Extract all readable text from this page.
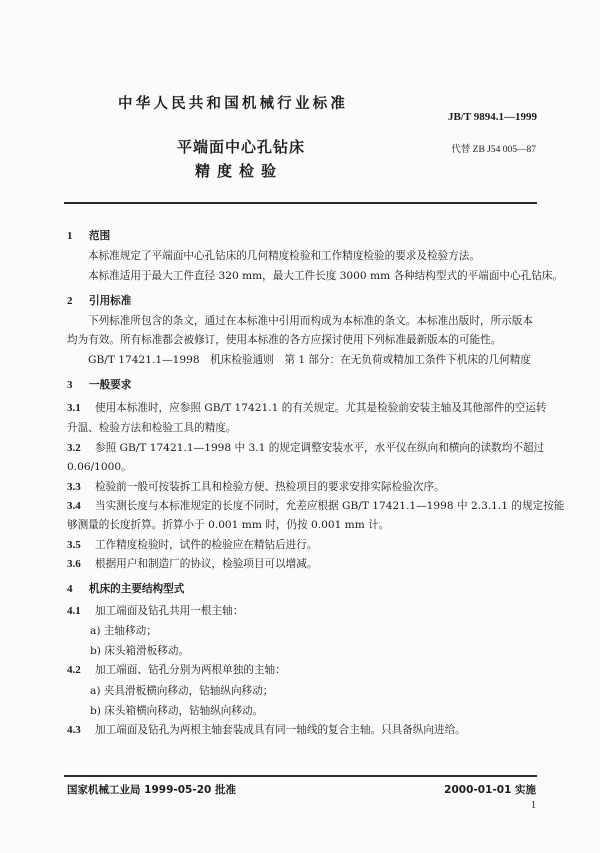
中华人民共和国机械行业标准
JB/T 9894.1—1999
平端面中心孔钻床
精度检验
代替 ZB J54 005—87
1 范围
本标准规定了平端面中心孔钻床的几何精度检验和工作精度检验的要求及检验方法。
本标准适用于最大工件直径 320 mm，最大工件长度 3000 mm 各种结构型式的平端面中心孔钻床。
2 引用标准
下列标准所包含的条文，通过在本标准中引用而构成为本标准的条文。本标准出版时，所示版本
均为有效。所有标准都会被修订，使用本标准的各方应探讨使用下列标准最新版本的可能性。
GB/T 17421.1—1998　机床检验通则　第 1 部分：在无负荷或精加工条件下机床的几何精度
3 一般要求
3.1 使用本标准时，应参照 GB/T 17421.1 的有关规定。尤其是检验前安装主轴及其他部件的空运转
升温、检验方法和检验工具的精度。
3.2 参照 GB/T 17421.1—1998 中 3.1 的规定调整安装水平，水平仪在纵向和横向的读数均不超过
0.06/1000。
3.3 检验前一般可按装拆工具和检验方便、热检项目的要求安排实际检验次序。
3.4 当实测长度与本标准规定的长度不同时，允差应根据 GB/T 17421.1—1998 中 2.3.1.1 的规定按能
够测量的长度折算。折算小于 0.001 mm 时，仍按 0.001 mm 计。
3.5 工作精度检验时，试件的检验应在精钻后进行。
3.6 根据用户和制造厂的协议，检验项目可以增减。
4 机床的主要结构型式
4.1 加工端面及钻孔共用一根主轴：
a) 主轴移动；
b) 床头箱滑板移动。
4.2 加工端面、钻孔分别为两根单独的主轴：
a) 夹具滑板横向移动，钻轴纵向移动；
b) 床头箱横向移动，钻轴纵向移动。
4.3 加工端面及钻孔为两根主轴套装成具有同一轴线的复合主轴。只具备纵向进给。
国家机械工业局 1999-05-20 批准	2000-01-01 实施
1
